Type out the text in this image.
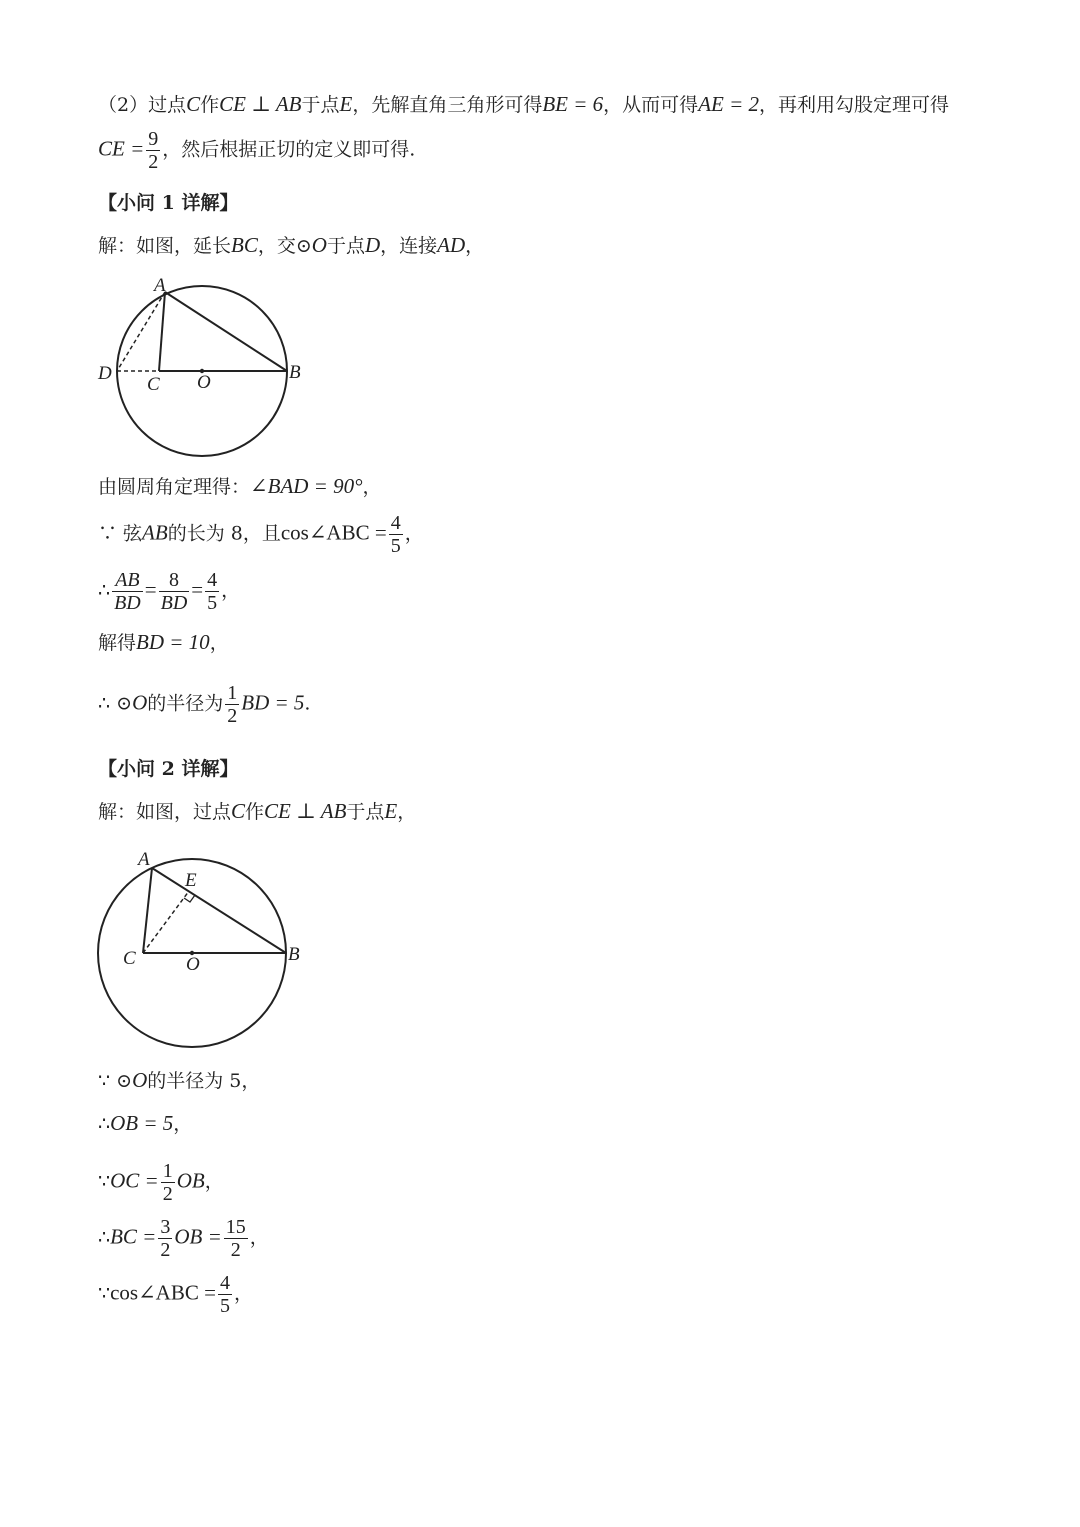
（2）过点C作CE ⊥ AB于点E，先解直角三角形可得BE = 6，从而可得AE = 2，再利用勾股定理可得
CE = $\frac{9}{2}$ ，然后根据正切的定义即可得.
【小问 1 详解】
解：如图，延长BC，交⊙O于点D，连接AD，
A
B
C
D	O
由圆周角定理得：∠BAD = 90°，
∵ 弦AB的长为 8，且cos∠ABC = $\frac{4}{5}$ ，
∴ $\frac{AB}{BD} = \frac{8}{BD} = \frac{4}{5}$ ，
解得BD = 10，
∴ ⊙O的半径为 $\frac{1}{2}$ BD = 5.
【小问 2 详解】
解：如图，过点C作CE ⊥ AB于点E，
A
E
B
C	O
∵ ⊙O的半径为 5，
∴OB = 5，
∵OC = $\frac{1}{2}$ OB，
∴BC = $\frac{3}{2}$ OB = $\frac{15}{2}$ ，
∵cos∠ABC = $\frac{4}{5}$ ，
